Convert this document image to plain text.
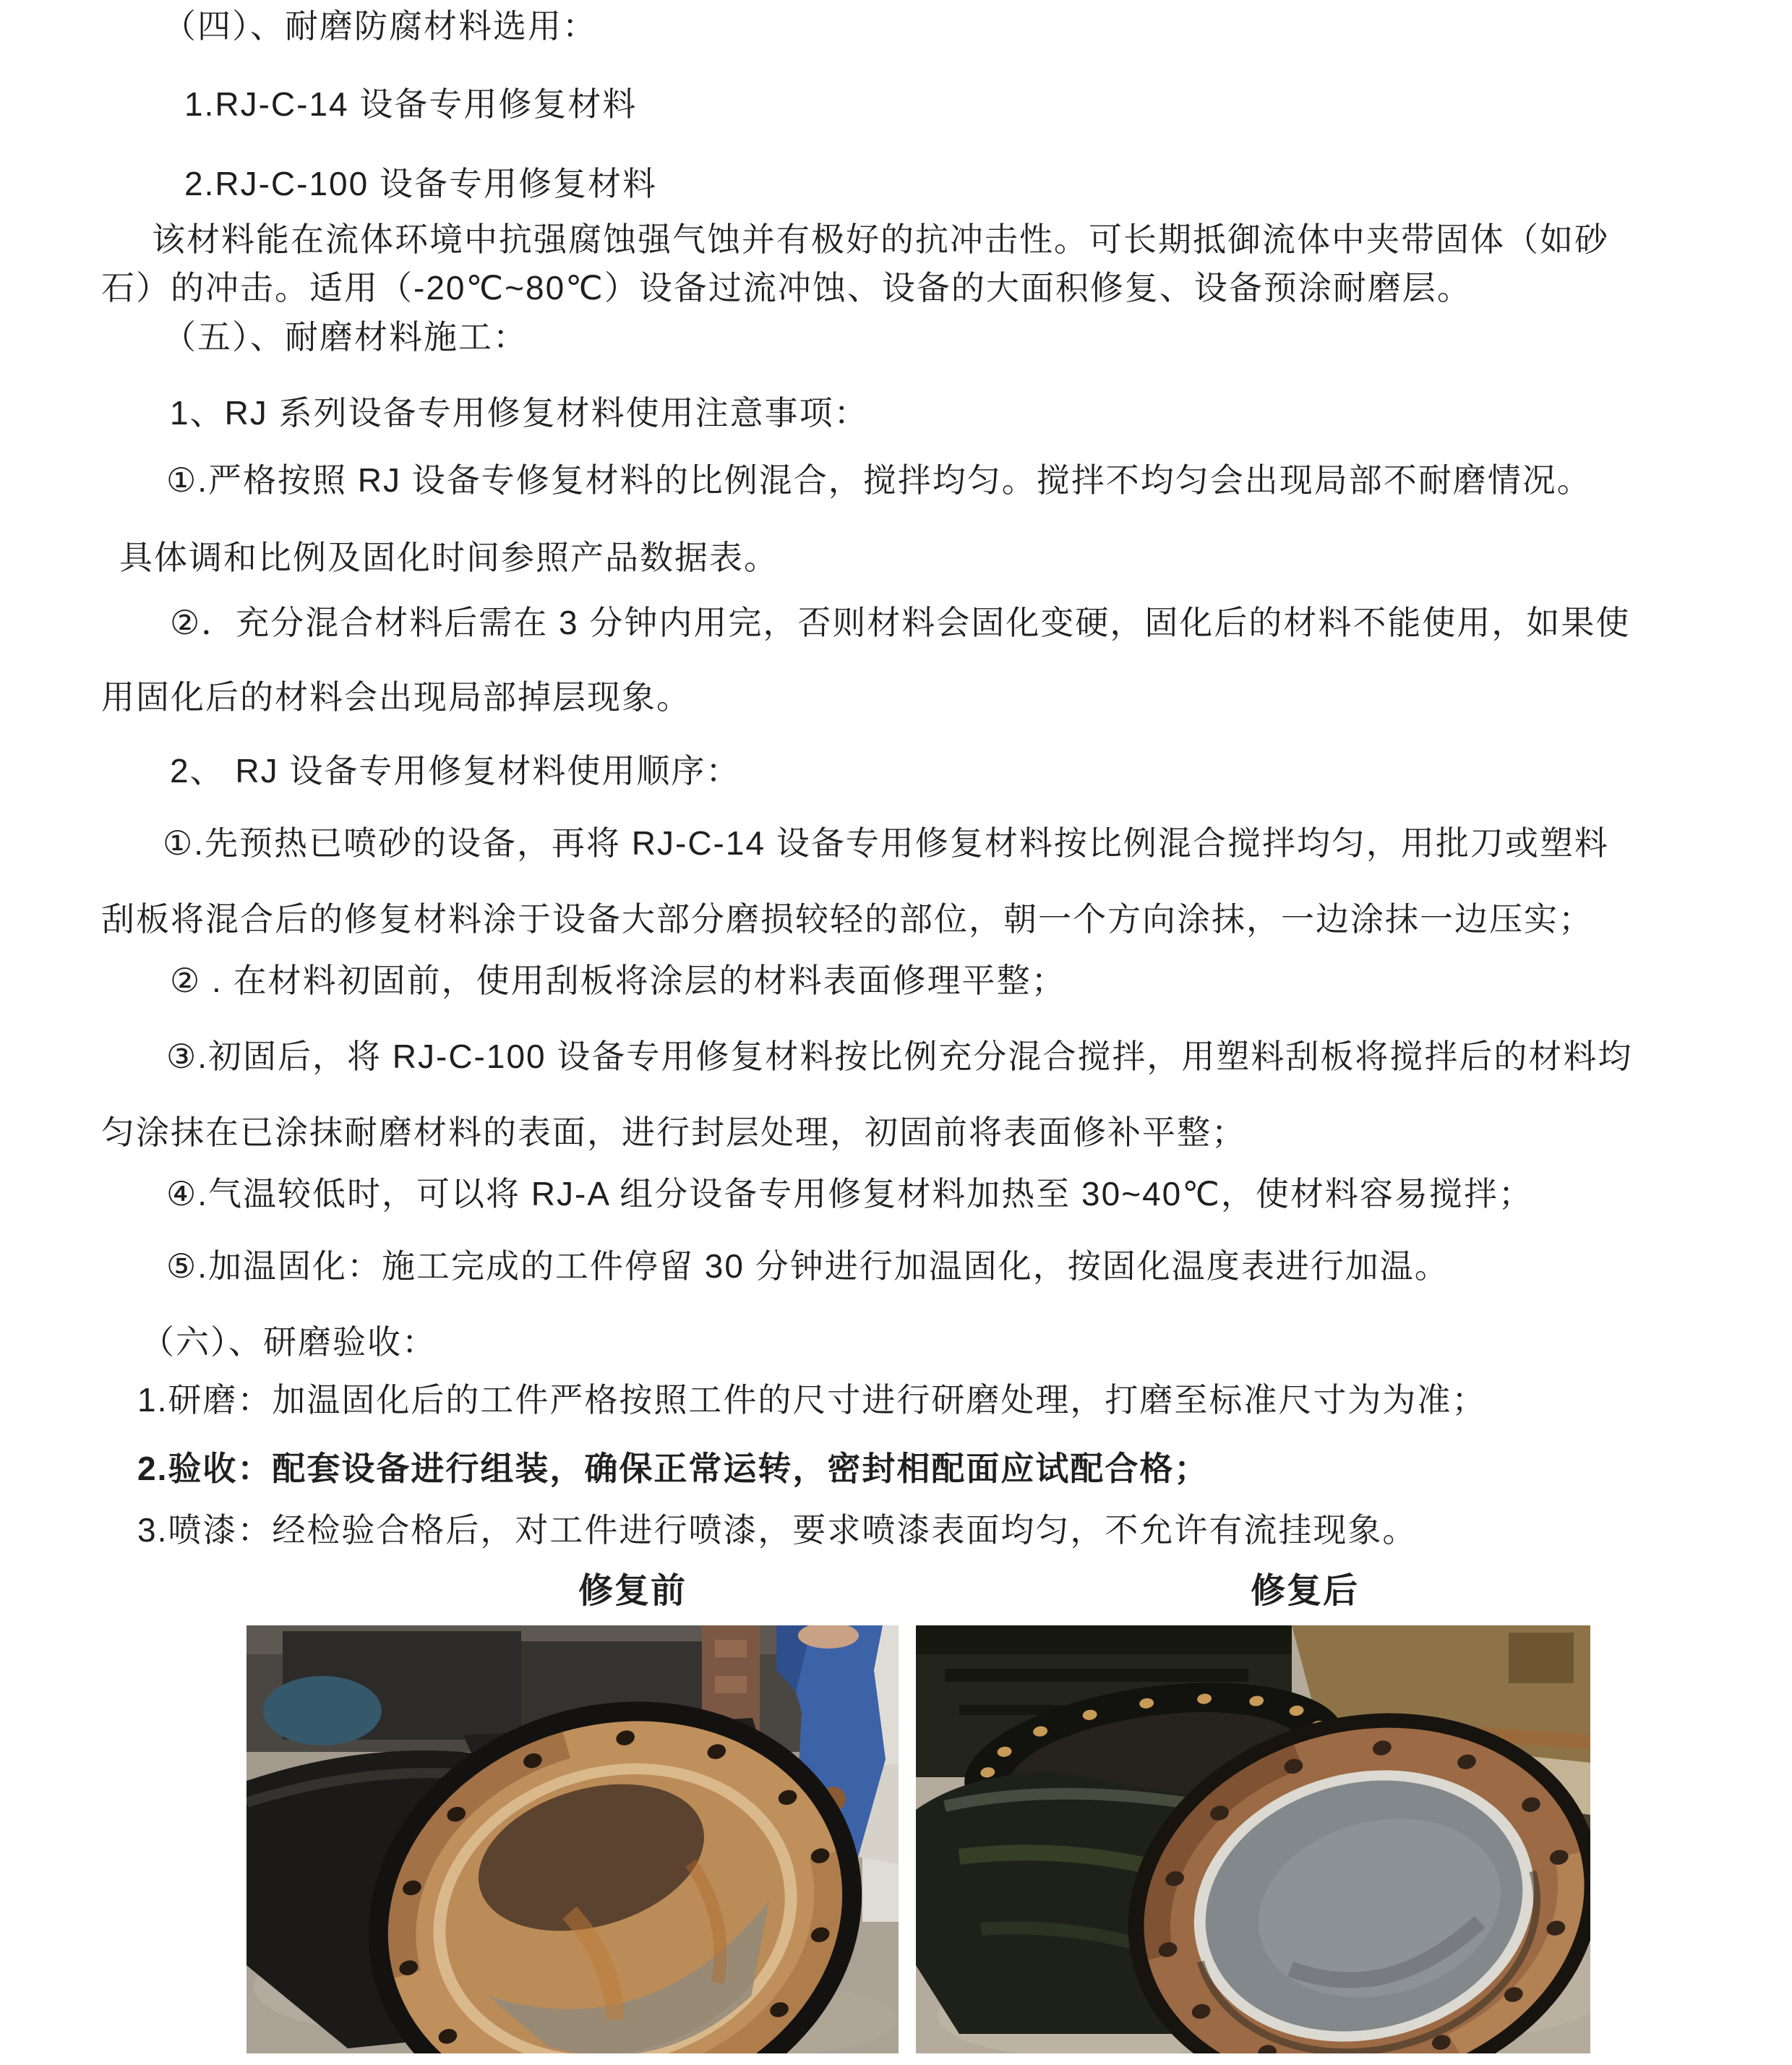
（四）、耐磨防腐材料选用：

1.RJ-C-14 设备专用修复材料

2.RJ-C-100 设备专用修复材料

该材料能在流体环境中抗强腐蚀强气蚀并有极好的抗冲击性。可长期抵御流体中夹带固体（如砂

石）的冲击。适用（-20℃~80℃）设备过流冲蚀、设备的大面积修复、设备预涂耐磨层。

（五）、耐磨材料施工：

1、RJ 系列设备专用修复材料使用注意事项：

①.严格按照 RJ 设备专修复材料的比例混合，搅拌均匀。搅拌不均匀会出现局部不耐磨情况。

具体调和比例及固化时间参照产品数据表。

②．充分混合材料后需在 3 分钟内用完，否则材料会固化变硬，固化后的材料不能使用，如果使

用固化后的材料会出现局部掉层现象。

2、 RJ 设备专用修复材料使用顺序：

①.先预热已喷砂的设备，再将 RJ-C-14 设备专用修复材料按比例混合搅拌均匀，用批刀或塑料

刮板将混合后的修复材料涂于设备大部分磨损较轻的部位，朝一个方向涂抹，一边涂抹一边压实；

② . 在材料初固前，使用刮板将涂层的材料表面修理平整；

③.初固后，将 RJ-C-100 设备专用修复材料按比例充分混合搅拌，用塑料刮板将搅拌后的材料均

匀涂抹在已涂抹耐磨材料的表面，进行封层处理，初固前将表面修补平整；

④.气温较低时，可以将 RJ-A 组分设备专用修复材料加热至 30~40℃，使材料容易搅拌；

⑤.加温固化：施工完成的工件停留 30 分钟进行加温固化，按固化温度表进行加温。

（六）、研磨验收：

1.研磨：加温固化后的工件严格按照工件的尺寸进行研磨处理，打磨至标准尺寸为为准；

2.验收：配套设备进行组装，确保正常运转，密封相配面应试配合格；

3.喷漆：经检验合格后，对工件进行喷漆，要求喷漆表面均匀，不允许有流挂现象。

修复前	修复后
